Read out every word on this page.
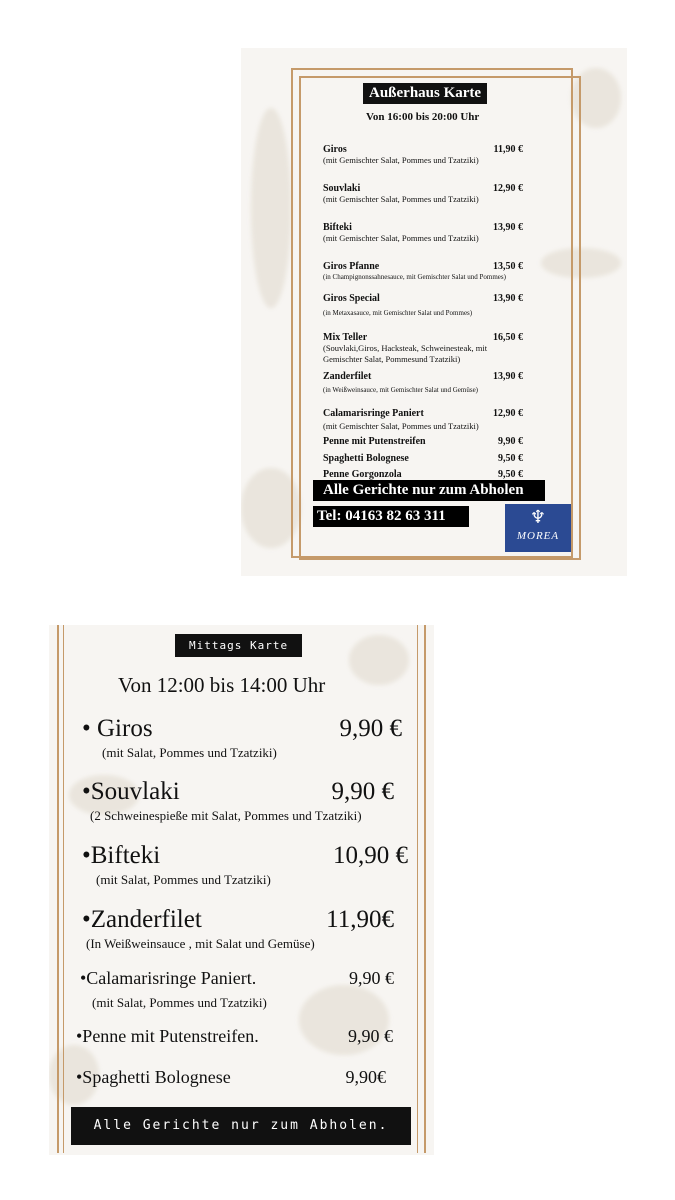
Außerhaus Karte
Von 16:00 bis 20:00 Uhr
Giros	11,90 €
(mit Gemischter Salat, Pommes und Tzatziki)
Souvlaki	12,90 €
(mit Gemischter Salat, Pommes und Tzatziki)
Bifteki	13,90 €
(mit Gemischter Salat, Pommes und Tzatziki)
Giros Pfanne	13,50 €
(in Champignonssahnesauce, mit Gemischter Salat und Pommes)
Giros Special	13,90 €
(in Metaxasauce, mit Gemischter Salat und Pommes)
Mix Teller	16,50 €
(Souvlaki,Giros, Hacksteak, Schweinesteak, mit Gemischter Salat, Pommesund Tzatziki)
Zanderfilet	13,90 €
(in Weißweinsauce, mit Gemischter Salat und Gemüse)
Calamarisringe Paniert	12,90 €
(mit Gemischter Salat, Pommes und Tzatziki)
Penne mit Putenstreifen	9,90 €
Spaghetti Bolognese	9,50 €
Penne Gorgonzola	9,50 €
Alle Gerichte nur zum Abholen
Tel: 04163 82 63 311	♆
MOREA
Mittags Karte
Von 12:00 bis 14:00 Uhr
• Giros	9,90 €
(mit Salat, Pommes und Tzatziki)
•Souvlaki	9,90 €
(2 Schweinespieße mit Salat, Pommes und Tzatziki)
•Bifteki	10,90 €
(mit Salat, Pommes und Tzatziki)
•Zanderfilet	11,90€
(In Weißweinsauce , mit Salat und Gemüse)
•Calamarisringe Paniert.	9,90 €
(mit Salat, Pommes und Tzatziki)
•Penne mit Putenstreifen.	9,90 €
•Spaghetti Bolognese	9,90€
Alle Gerichte nur zum Abholen.
